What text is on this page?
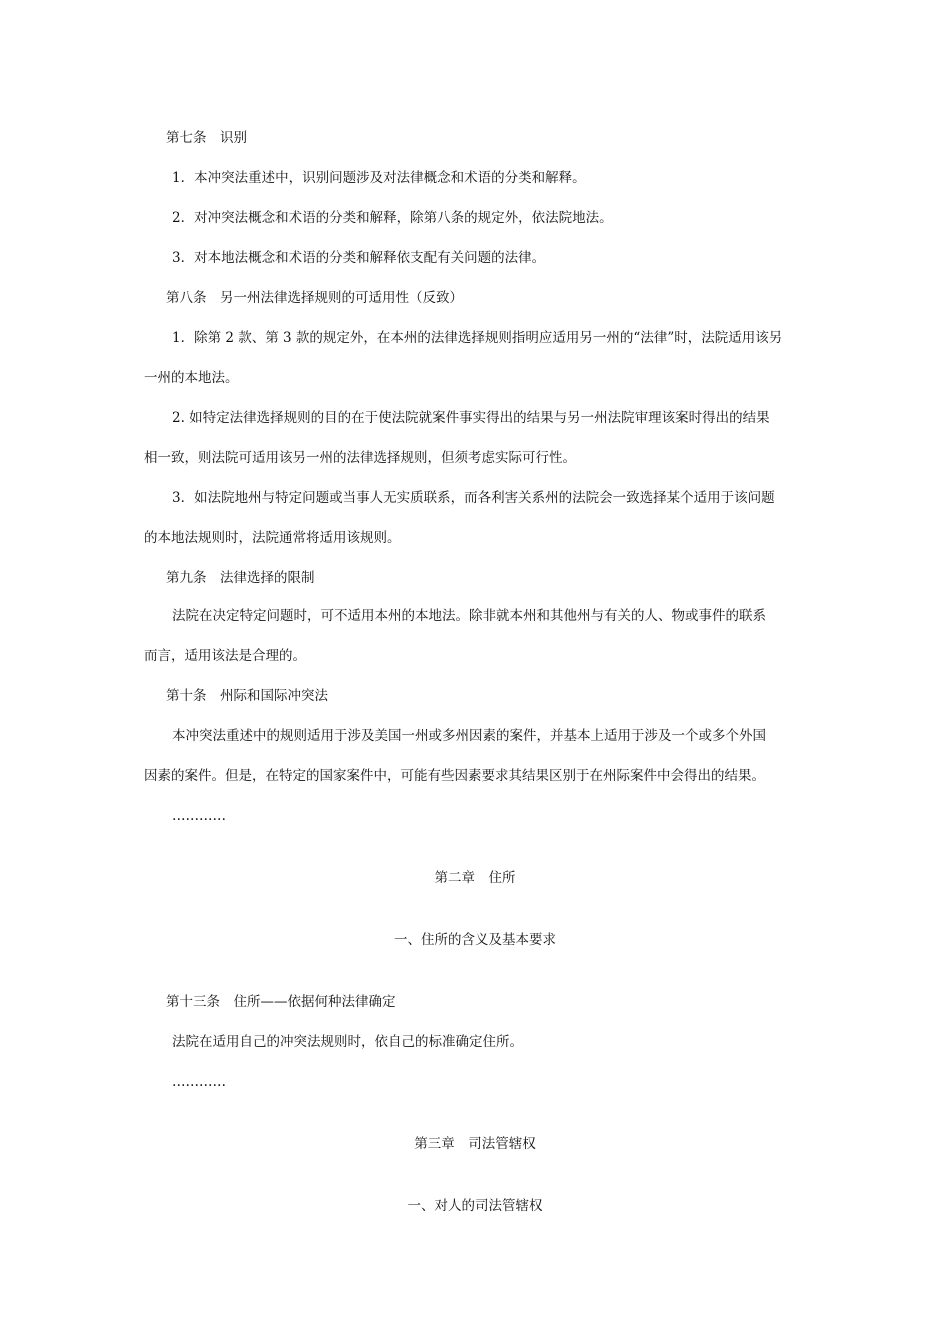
第七条　识别
1．本冲突法重述中，识别问题涉及对法律概念和术语的分类和解释。
2．对冲突法概念和术语的分类和解释，除第八条的规定外，依法院地法。
3．对本地法概念和术语的分类和解释依支配有关问题的法律。
第八条　另一州法律选择规则的可适用性（反致）
1．除第 2 款、第 3 款的规定外，在本州的法律选择规则指明应适用另一州的“法律”时，法院适用该另
一州的本地法。
2. 如特定法律选择规则的目的在于使法院就案件事实得出的结果与另一州法院审理该案时得出的结果
相一致，则法院可适用该另一州的法律选择规则，但须考虑实际可行性。
3．如法院地州与特定问题或当事人无实质联系，而各利害关系州的法院会一致选择某个适用于该问题
的本地法规则时，法院通常将适用该规则。
第九条　法律选择的限制
法院在决定特定问题时，可不适用本州的本地法。除非就本州和其他州与有关的人、物或事件的联系
而言，适用该法是合理的。
第十条　州际和国际冲突法
本冲突法重述中的规则适用于涉及美国一州或多州因素的案件，并基本上适用于涉及一个或多个外国
因素的案件。但是，在特定的国家案件中，可能有些因素要求其结果区别于在州际案件中会得出的结果。
…………
第二章　住所
一、住所的含义及基本要求
第十三条　住所——依据何种法律确定
法院在适用自己的冲突法规则时，依自己的标准确定住所。
…………
第三章　司法管辖权
一、对人的司法管辖权
